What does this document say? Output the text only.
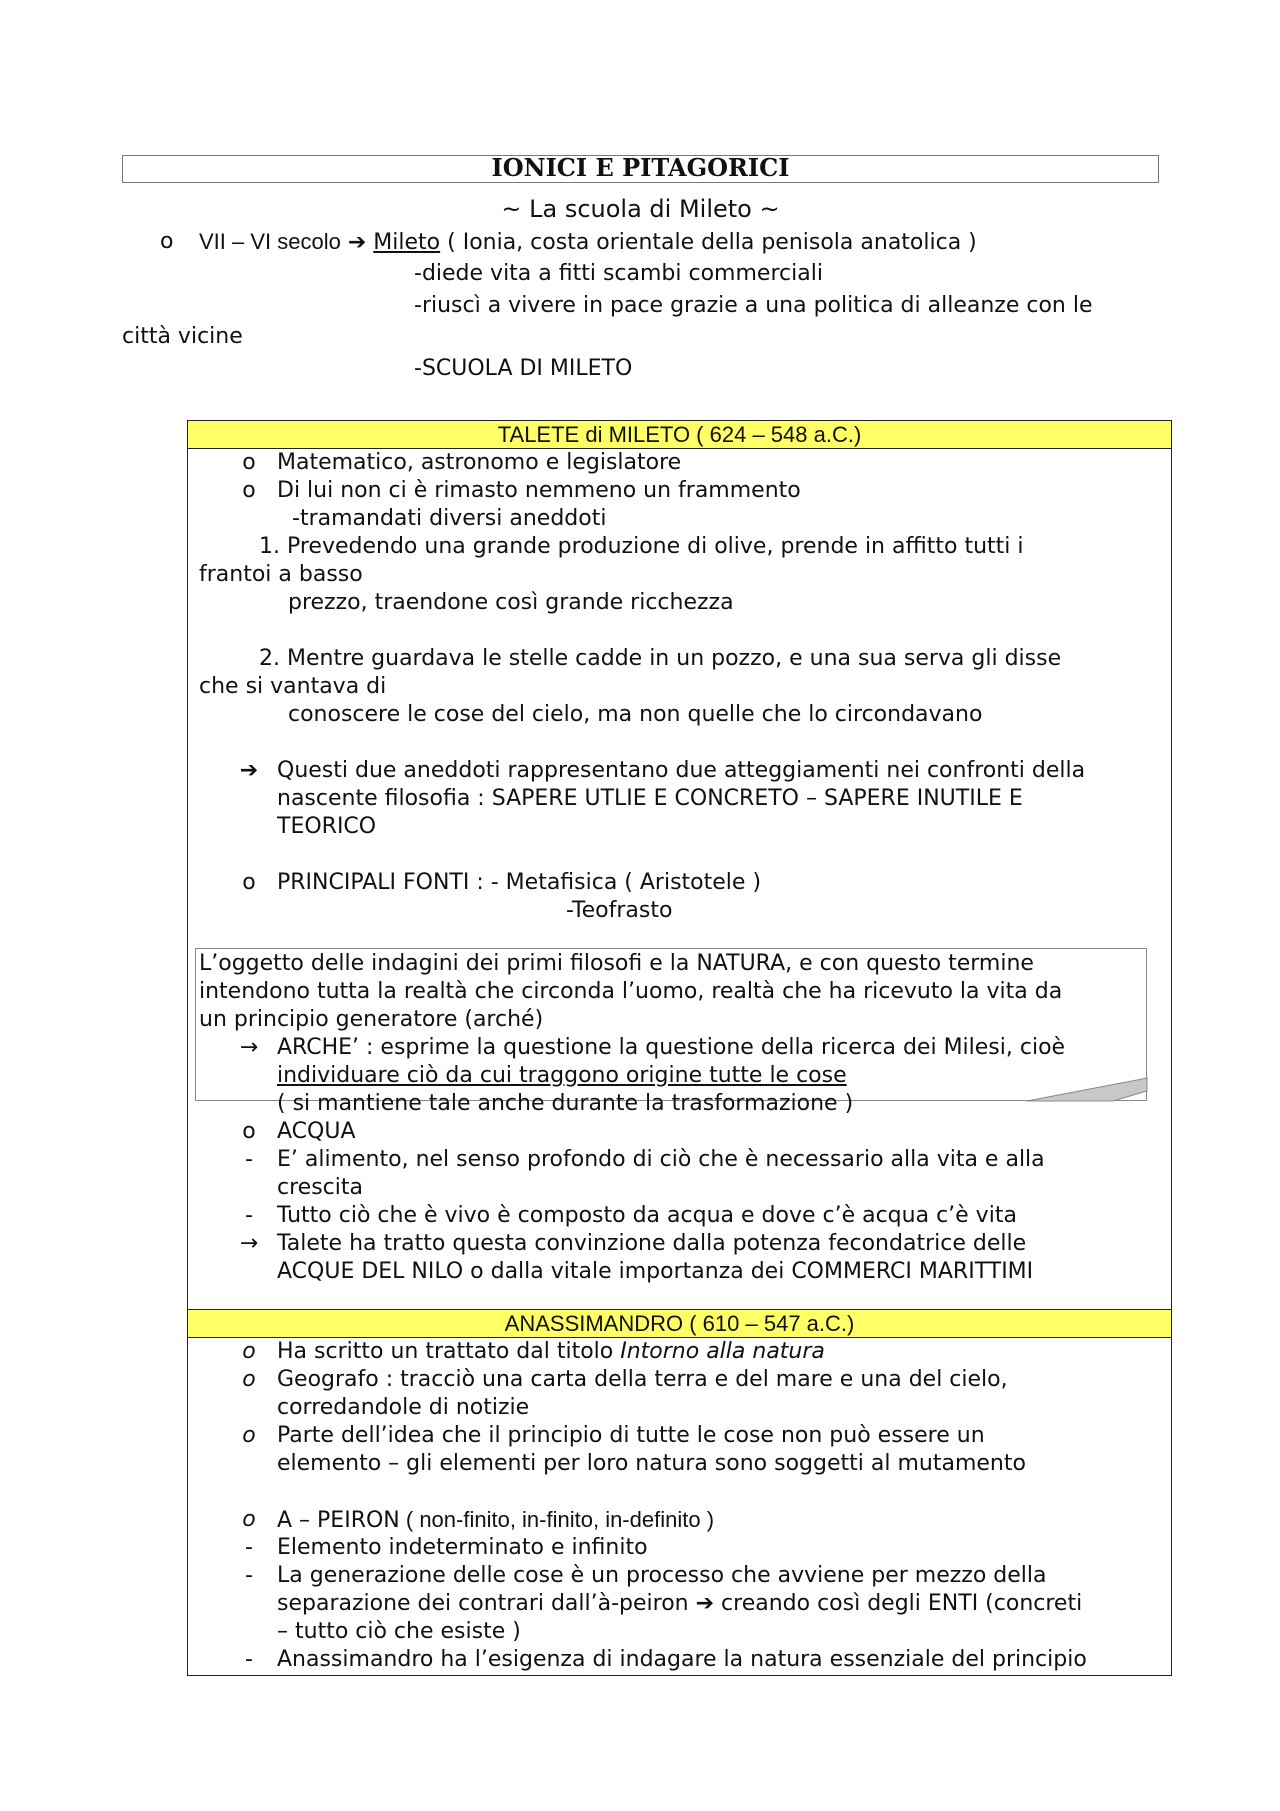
IONICI E PITAGORICI
~ La scuola di Mileto ~
o VII – VI secolo ➔ Mileto ( Ionia, costa orientale della penisola anatolica )
-diede vita a fitti scambi commerciali
-riuscì a vivere in pace grazie a una politica di alleanze con le
città vicine
-SCUOLA DI MILETO
TALETE di MILETO ( 624 – 548 a.C.)
o Matematico, astronomo e legislatore
o Di lui non ci è rimasto nemmeno un frammento
-tramandati diversi aneddoti
1. Prevedendo una grande produzione di olive, prende in affitto tutti i
frantoi a basso
prezzo, traendone così grande ricchezza
2. Mentre guardava le stelle cadde in un pozzo, e una sua serva gli disse
che si vantava di
conoscere le cose del cielo, ma non quelle che lo circondavano
➔ Questi due aneddoti rappresentano due atteggiamenti nei confronti della
nascente filosofia : SAPERE UTLIE E CONCRETO – SAPERE INUTILE E
TEORICO
o PRINCIPALI FONTI : - Metafisica ( Aristotele )
-Teofrasto
L’oggetto delle indagini dei primi filosofi e la NATURA, e con questo termine
intendono tutta la realtà che circonda l’uomo, realtà che ha ricevuto la vita da
un principio generatore (arché)
→ ARCHE’ : esprime la questione la questione della ricerca dei Milesi, cioè
individuare ciò da cui traggono origine tutte le cose
( si mantiene tale anche durante la trasformazione )
o ACQUA
-	E’ alimento, nel senso profondo di ciò che è necessario alla vita e alla
crescita
-	Tutto ciò che è vivo è composto da acqua e dove c’è acqua c’è vita
→ Talete ha tratto questa convinzione dalla potenza fecondatrice delle
ACQUE DEL NILO o dalla vitale importanza dei COMMERCI MARITTIMI
ANASSIMANDRO ( 610 – 547 a.C.)
o Ha scritto un trattato dal titolo Intorno alla natura
o Geografo : tracciò una carta della terra e del mare e una del cielo,
corredandole di notizie
o Parte dell’idea che il principio di tutte le cose non può essere un
elemento – gli elementi per loro natura sono soggetti al mutamento
o A – PEIRON ( non-finito, in-finito, in-definito )
-	Elemento indeterminato e infinito
-	La generazione delle cose è un processo che avviene per mezzo della
separazione dei contrari dall’à-peiron ➔ creando così degli ENTI (concreti
– tutto ciò che esiste )
-	Anassimandro ha l’esigenza di indagare la natura essenziale del principio
